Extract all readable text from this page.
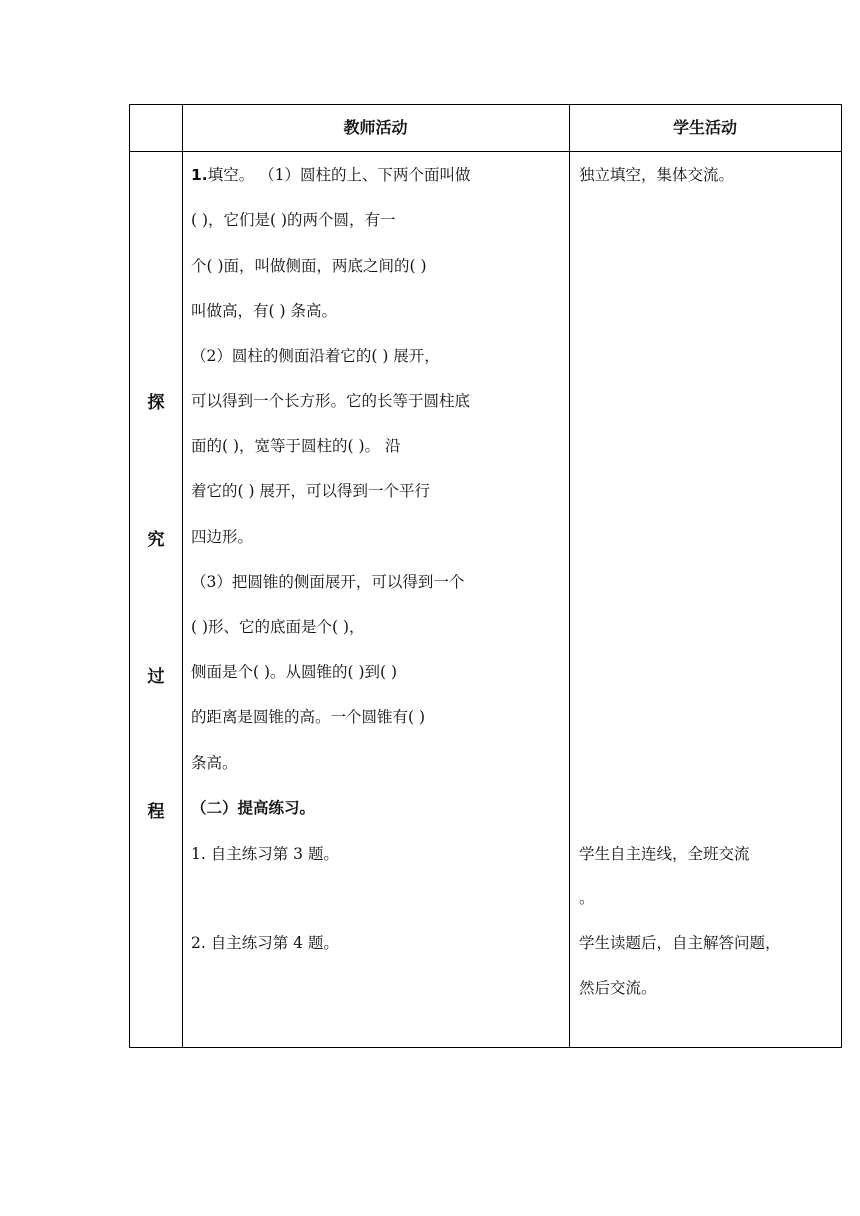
教师活动	学生活动
探
究
过
程
1.填空。 （1）圆柱的上、下两个面叫做
( )，它们是( )的两个圆，有一
个( )面，叫做侧面，两底之间的( )
叫做高，有( ) 条高。
（2）圆柱的侧面沿着它的( ) 展开，
可以得到一个长方形。它的长等于圆柱底
面的( )，宽等于圆柱的( )。 沿
着它的( ) 展开，可以得到一个平行
四边形。
（3）把圆锥的侧面展开，可以得到一个
( )形、它的底面是个( )，
侧面是个( )。从圆锥的( )到( )
的距离是圆锥的高。一个圆锥有( )
条高。
（二）提高练习。
1. 自主练习第 3 题。
2. 自主练习第 4 题。
独立填空，集体交流。
学生自主连线，全班交流
。
学生读题后，自主解答问题，
然后交流。
